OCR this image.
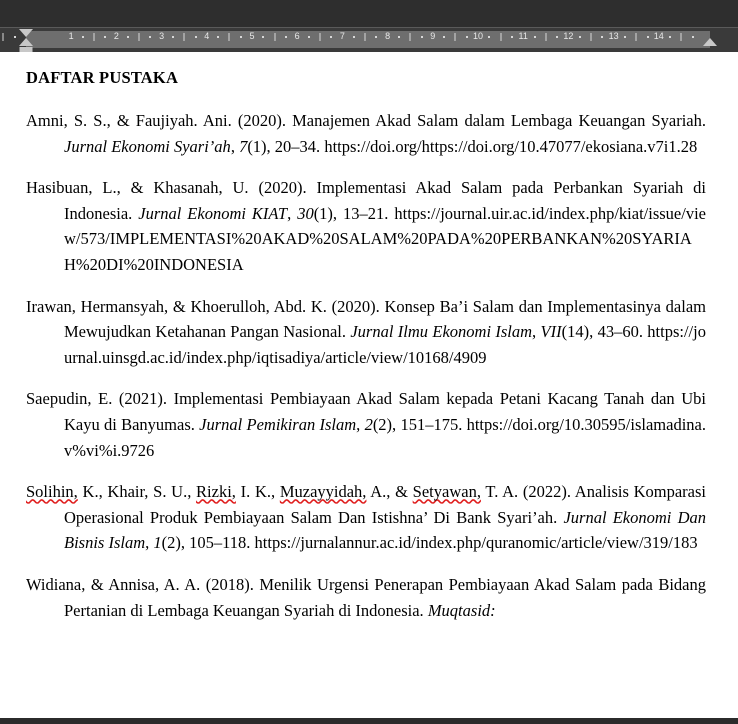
1	2	3	4	5	6	7	8	9	10	11	12	13	14
DAFTAR PUSTAKA

Amni, S. S., & Faujiyah. Ani. (2020). Manajemen Akad Salam dalam Lembaga Keuangan Syariah. Jurnal Ekonomi Syari’ah, 7(1), 20–34. https://doi.org/https://doi.org/10.47077/ekosiana.v7i1.28

Hasibuan, L., & Khasanah, U. (2020). Implementasi Akad Salam pada Perbankan Syariah di Indonesia. Jurnal Ekonomi KIAT, 30(1), 13–21. https://journal.uir.ac.id/index.php/kiat/issue/view/573/IMPLEMENTASI%20AKAD%20SALAM%20PADA%20PERBANKAN%20SYARIAH%20DI%20INDONESIA

Irawan, Hermansyah, & Khoerulloh, Abd. K. (2020). Konsep Ba’i Salam dan Implementasinya dalam Mewujudkan Ketahanan Pangan Nasional. Jurnal Ilmu Ekonomi Islam, VII(14), 43–60. https://journal.uinsgd.ac.id/index.php/iqtisadiya/article/view/10168/4909

Saepudin, E. (2021). Implementasi Pembiayaan Akad Salam kepada Petani Kacang Tanah dan Ubi Kayu di Banyumas. Jurnal Pemikiran Islam, 2(2), 151–175. https://doi.org/10.30595/islamadina.v%vi%i.9726

Solihin, K., Khair, S. U., Rizki, I. K., Muzayyidah, A., & Setyawan, T. A. (2022). Analisis Komparasi Operasional Produk Pembiayaan Salam Dan Istishna’ Di Bank Syari’ah. Jurnal Ekonomi Dan Bisnis Islam, 1(2), 105–118. https://jurnalannur.ac.id/index.php/quranomic/article/view/319/183

Widiana, & Annisa, A. A. (2018). Menilik Urgensi Penerapan Pembiayaan Akad Salam pada Bidang Pertanian di Lembaga Keuangan Syariah di Indonesia. Muqtasid:
